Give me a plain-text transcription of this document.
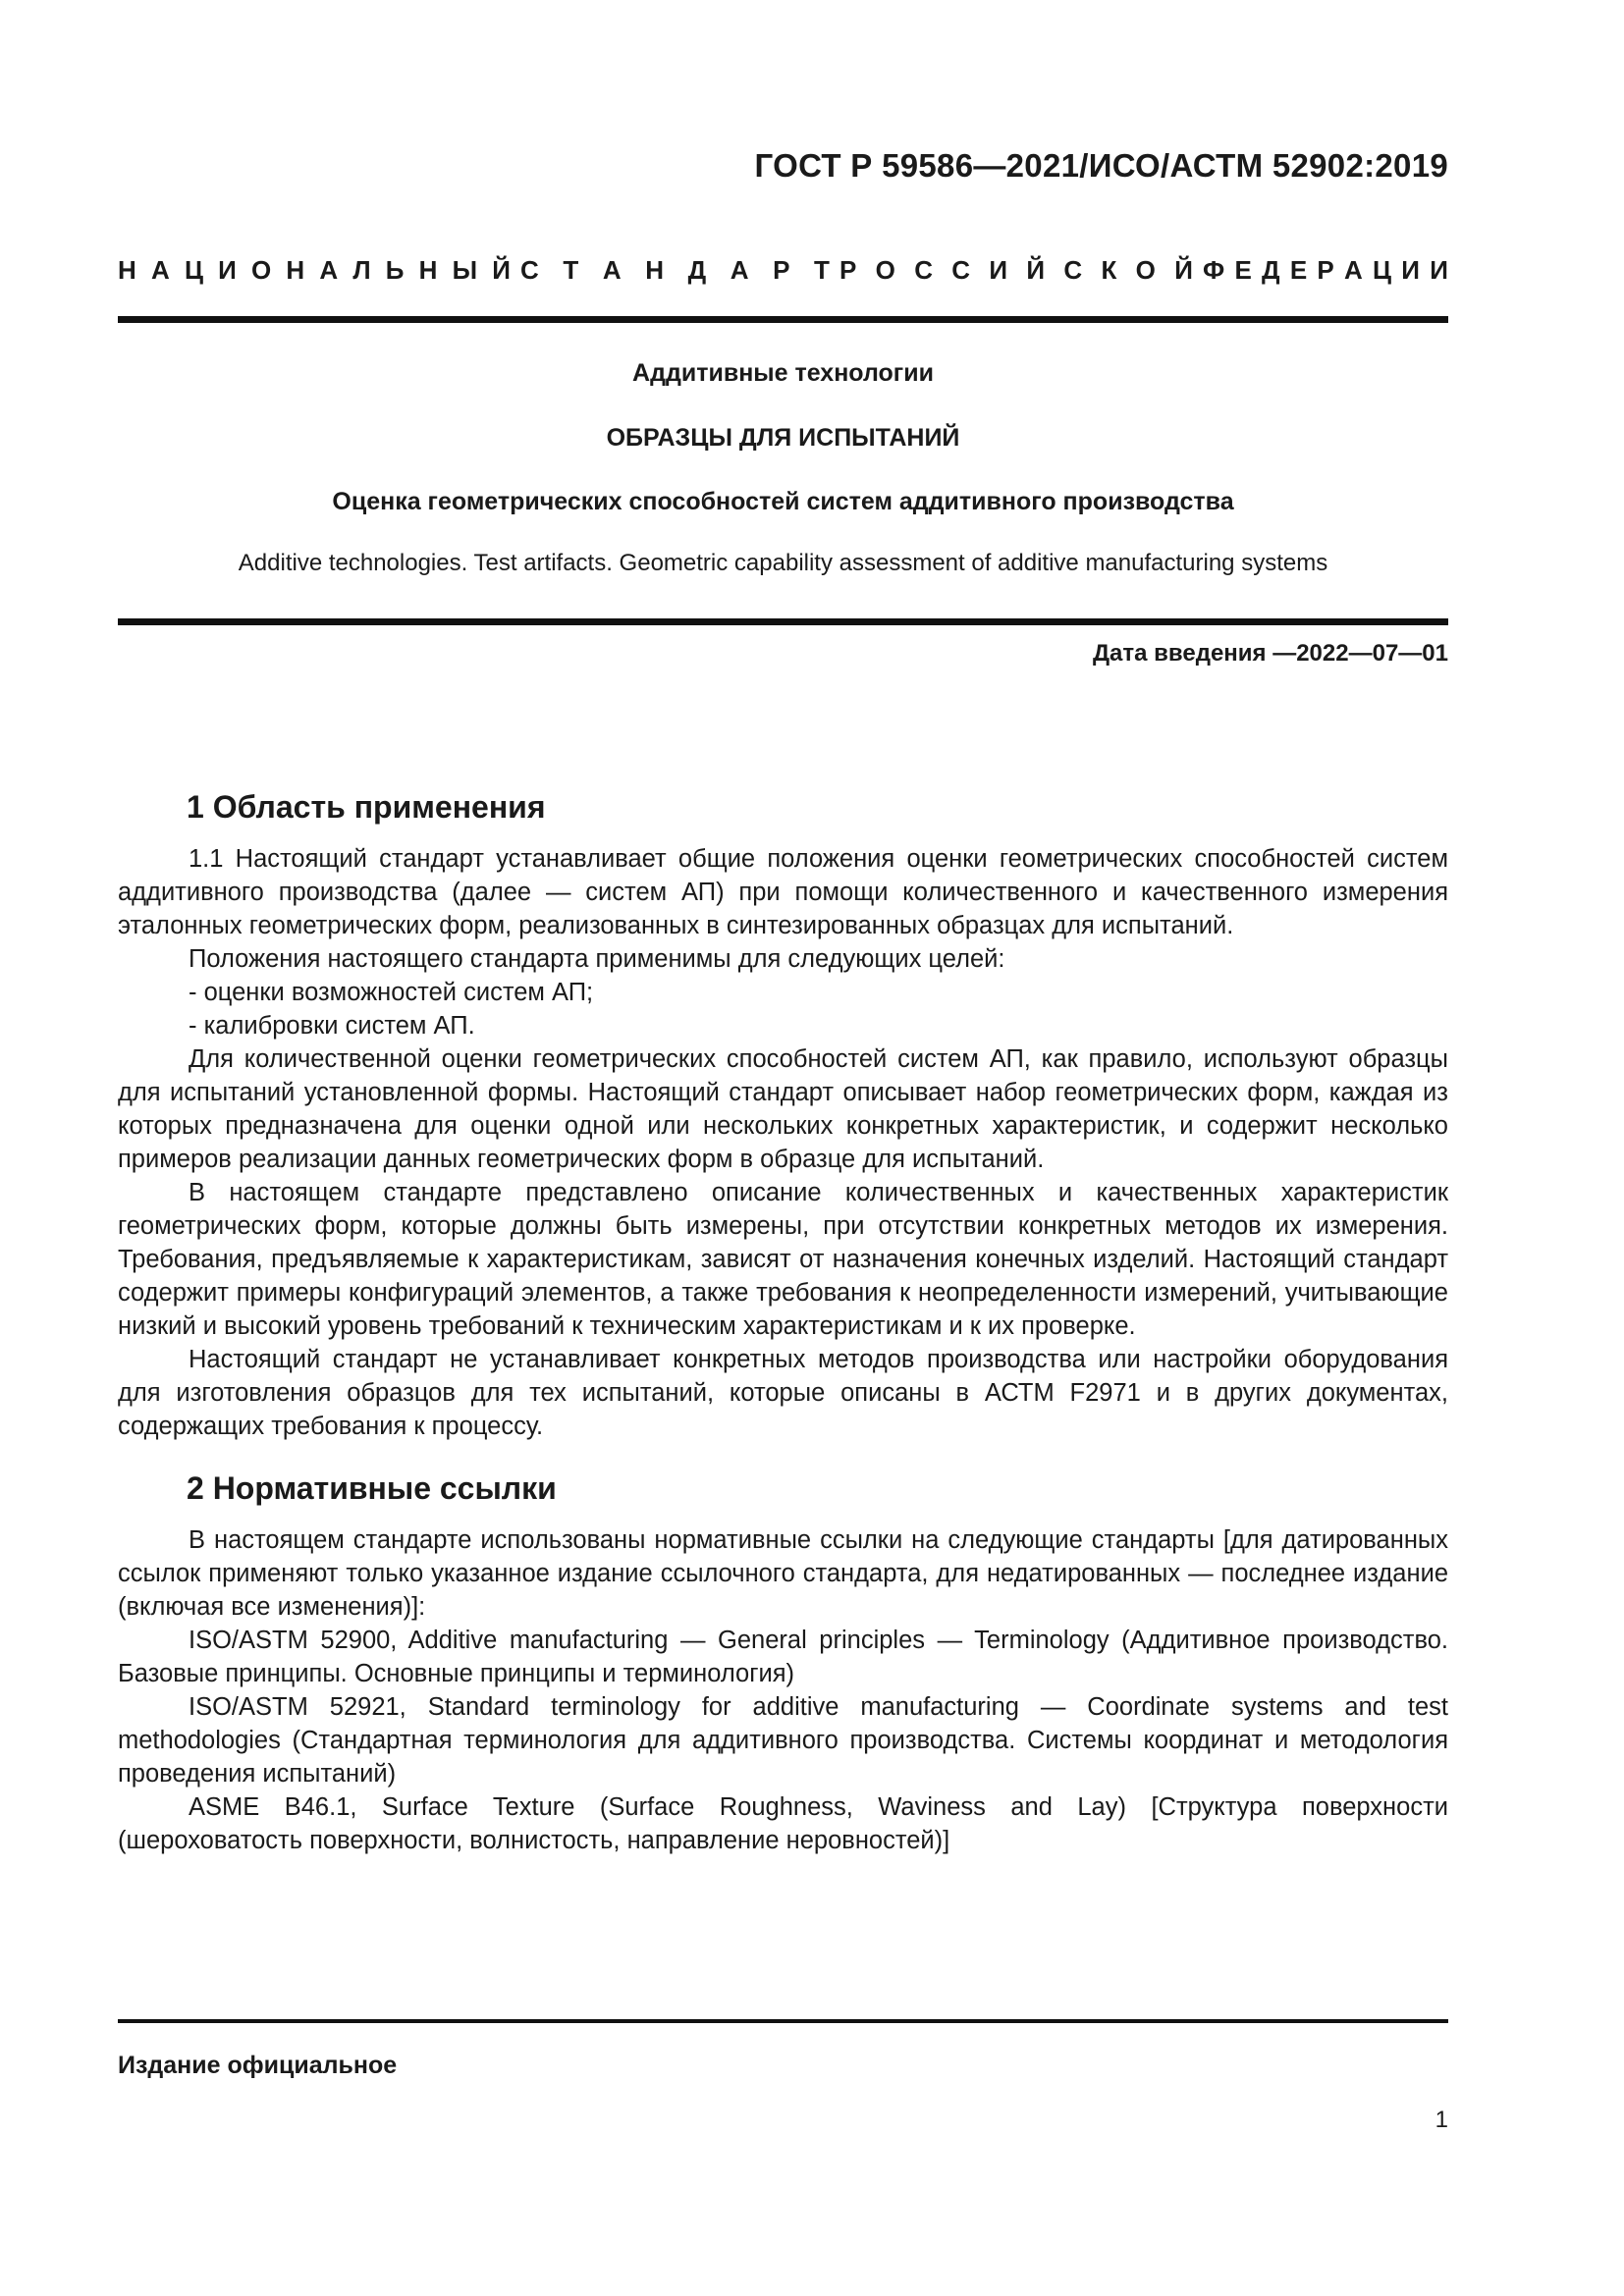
ГОСТ Р 59586—2021/ИСО/АСТМ 52902:2019
Н А Ц И О Н А Л Ь Н Ы Й С Т А Н Д А Р Т Р О С С И Й С К О Й Ф Е Д Е Р А Ц И И
Аддитивные технологии
ОБРАЗЦЫ ДЛЯ ИСПЫТАНИЙ
Оценка геометрических способностей систем аддитивного производства
Additive technologies. Test artifacts. Geometric capability assessment of additive manufacturing systems
Дата введения —2022—07—01
1 Область применения

1.1 Настоящий стандарт устанавливает общие положения оценки геометрических способностей систем аддитивного производства (далее — систем АП) при помощи количественного и качественного измерения эталонных геометрических форм, реализованных в синтезированных образцах для испытаний.

Положения настоящего стандарта применимы для следующих целей:

- оценки возможностей систем АП;

- калибровки систем АП.

Для количественной оценки геометрических способностей систем АП, как правило, используют образцы для испытаний установленной формы. Настоящий стандарт описывает набор геометрических форм, каждая из которых предназначена для оценки одной или нескольких конкретных характеристик, и содержит несколько примеров реализации данных геометрических форм в образце для испытаний.

В настоящем стандарте представлено описание количественных и качественных характеристик геометрических форм, которые должны быть измерены, при отсутствии конкретных методов их измерения. Требования, предъявляемые к характеристикам, зависят от назначения конечных изделий. Настоящий стандарт содержит примеры конфигураций элементов, а также требования к неопределенности измерений, учитывающие низкий и высокий уровень требований к техническим характеристикам и к их проверке.

Настоящий стандарт не устанавливает конкретных методов производства или настройки оборудования для изготовления образцов для тех испытаний, которые описаны в АСТМ F2971 и в других документах, содержащих требования к процессу.

2 Нормативные ссылки

В настоящем стандарте использованы нормативные ссылки на следующие стандарты [для датированных ссылок применяют только указанное издание ссылочного стандарта, для недатированных — последнее издание (включая все изменения)]:

ISO/ASTM 52900, Additive manufacturing — General principles — Terminology (Аддитивное производство. Базовые принципы. Основные принципы и терминология)

ISO/ASTM 52921, Standard terminology for additive manufacturing — Coordinate systems and test methodologies (Стандартная терминология для аддитивного производства. Системы координат и методология проведения испытаний)

ASME B46.1, Surface Texture (Surface Roughness, Waviness and Lay) [Структура поверхности (шероховатость поверхности, волнистость, направление неровностей)]

Издание официальное
1
